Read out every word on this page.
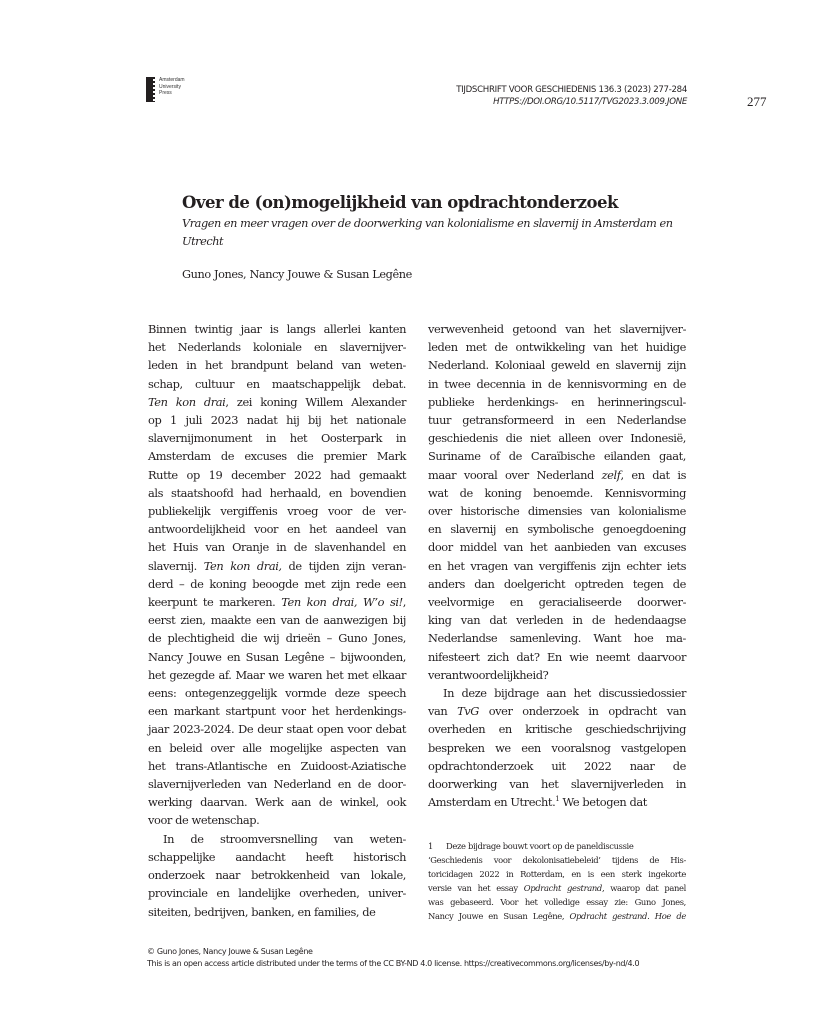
Amsterdam
University
Press	TIJDSCHRIFT VOOR GESCHIEDENIS 136.3 (2023) 277-284
HTTPS://DOI.ORG/10.5117/TVG2023.3.009.JONE	277
Over de (on)mogelijkheid van opdrachtonderzoek

Vragen en meer vragen over de doorwerking van kolonialisme en slavernij in Amsterdam en Utrecht

Guno Jones, Nancy Jouwe & Susan Legêne
Binnen twintig jaar is langs allerlei kanten
het Nederlands koloniale en slavernijver-
leden in het brandpunt beland van weten-
schap, cultuur en maatschappelijk debat.
Ten kon drai, zei koning Willem Alexander
op 1 juli 2023 nadat hij bij het nationale
slavernijmonument in het Oosterpark in
Amsterdam de excuses die premier Mark
Rutte op 19 december 2022 had gemaakt
als staatshoofd had herhaald, en bovendien
publiekelijk vergiffenis vroeg voor de ver-
antwoordelijkheid voor en het aandeel van
het Huis van Oranje in de slavenhandel en
slavernij. Ten kon drai, de tijden zijn veran-
derd – de koning beoogde met zijn rede een
keerpunt te markeren. Ten kon drai, W’o si!,
eerst zien, maakte een van de aanwezigen bij
de plechtigheid die wij drieën – Guno Jones,
Nancy Jouwe en Susan Legêne – bijwoonden,
het gezegde af. Maar we waren het met elkaar
eens: ontegenzeggelijk vormde deze speech
een markant startpunt voor het herdenkings-
jaar 2023-2024. De deur staat open voor debat
en beleid over alle mogelijke aspecten van
het trans-Atlantische en Zuidoost-Aziatische
slavernijverleden van Nederland en de door-
werking daarvan. Werk aan de winkel, ook
voor de wetenschap.
In de stroomversnelling van weten-
schappelijke aandacht heeft historisch
onderzoek naar betrokkenheid van lokale,
provinciale en landelijke overheden, univer-
siteiten, bedrijven, banken, en families, de
verwevenheid getoond van het slavernijver-
leden met de ontwikkeling van het huidige
Nederland. Koloniaal geweld en slavernij zijn
in twee decennia in de kennisvorming en de
publieke herdenkings- en herinneringscul-
tuur getransformeerd in een Nederlandse
geschiedenis die niet alleen over Indonesië,
Suriname of de Caraïbische eilanden gaat,
maar vooral over Nederland zelf, en dat is
wat de koning benoemde. Kennisvorming
over historische dimensies van kolonialisme
en slavernij en symbolische genoegdoening
door middel van het aanbieden van excuses
en het vragen van vergiffenis zijn echter iets
anders dan doelgericht optreden tegen de
veelvormige en geracialiseerde doorwer-
king van dat verleden in de hedendaagse
Nederlandse samenleving. Want hoe ma-
nifesteert zich dat? En wie neemt daarvoor
verantwoordelijkheid?
In deze bijdrage aan het discussiedossier
van TvG over onderzoek in opdracht van
overheden en kritische geschiedschrijving
bespreken we een vooralsnog vastgelopen
opdrachtonderzoek uit 2022 naar de
doorwerking van het slavernijverleden in
Amsterdam en Utrecht.$^1$ We betogen dat
1 Deze bijdrage bouwt voort op de paneldiscussie
‘Geschiedenis voor dekolonisatiebeleid’ tijdens de His-
toricidagen 2022 in Rotterdam, en is een sterk ingekorte
versie van het essay Opdracht gestrand, waarop dat panel
was gebaseerd. Voor het volledige essay zie: Guno Jones,
Nancy Jouwe en Susan Legêne, Opdracht gestrand. Hoe de
© Guno Jones, Nancy Jouwe & Susan Legêne
This is an open access article distributed under the terms of the CC BY-ND 4.0 license. https://creativecommons.org/licenses/by-nd/4.0
